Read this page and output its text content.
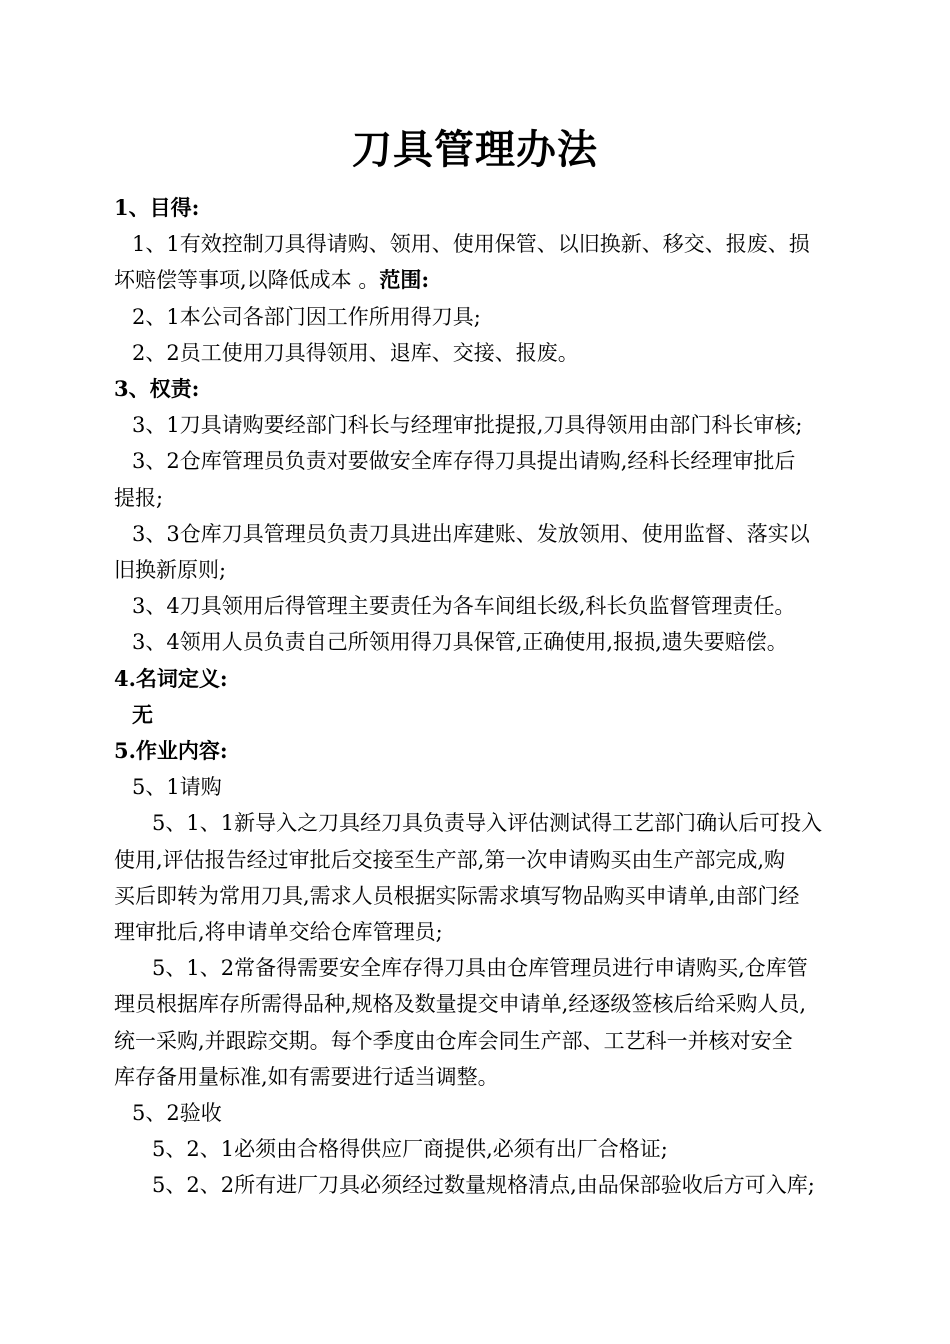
刀具管理办法

1、目得:

1、1有效控制刀具得请购、领用、使用保管、以旧换新、移交、报废、损

坏赔偿等事项,以降低成本 。范围:

2、1本公司各部门因工作所用得刀具;

2、2员工使用刀具得领用、退库、交接、报废。

3、权责:

3、1刀具请购要经部门科长与经理审批提报,刀具得领用由部门科长审核;

3、2仓库管理员负责对要做安全库存得刀具提出请购,经科长经理审批后

提报;

3、3仓库刀具管理员负责刀具进出库建账、发放领用、使用监督、落实以

旧换新原则;

3、4刀具领用后得管理主要责任为各车间组长级,科长负监督管理责任。

3、4领用人员负责自己所领用得刀具保管,正确使用,报损,遗失要赔偿。

4.名词定义:

无

5.作业内容:

5、1请购

5、1、1新导入之刀具经刀具负责导入评估测试得工艺部门确认后可投入

使用,评估报告经过审批后交接至生产部,第一次申请购买由生产部完成,购

买后即转为常用刀具,需求人员根据实际需求填写物品购买申请单,由部门经

理审批后,将申请单交给仓库管理员;

5、1、2常备得需要安全库存得刀具由仓库管理员进行申请购买,仓库管

理员根据库存所需得品种,规格及数量提交申请单,经逐级签核后给采购人员,

统一采购,并跟踪交期。每个季度由仓库会同生产部、工艺科一并核对安全

库存备用量标准,如有需要进行适当调整。

5、2验收

5、2、1必须由合格得供应厂商提供,必须有出厂合格证;

5、2、2所有进厂刀具必须经过数量规格清点,由品保部验收后方可入库;
